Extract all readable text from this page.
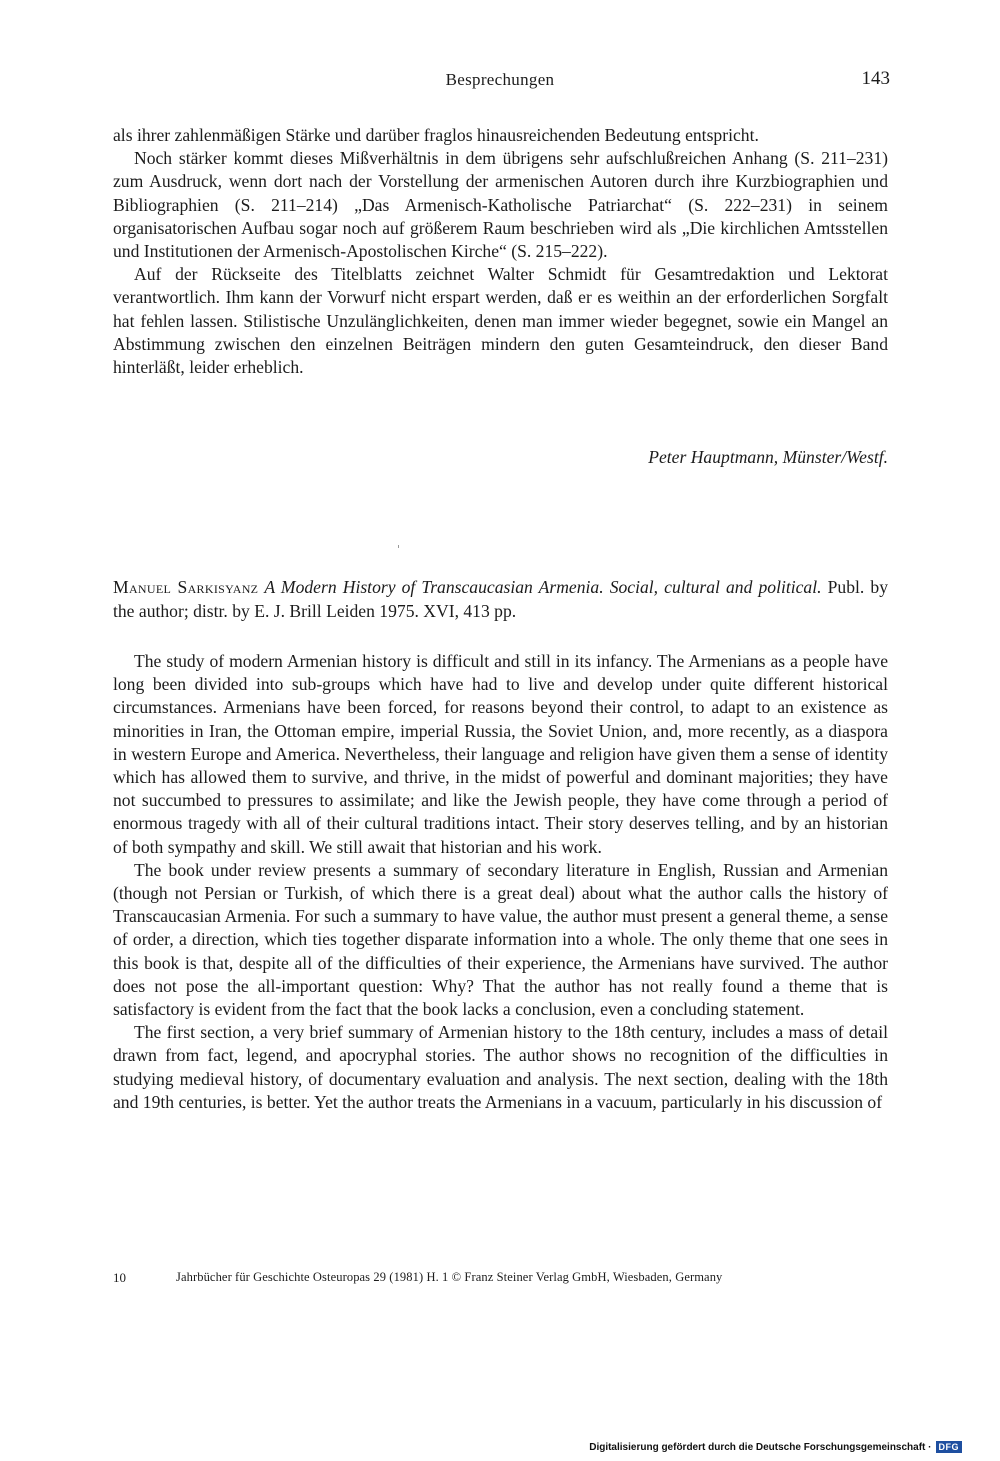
Besprechungen	143

als ihrer zahlenmäßigen Stärke und darüber fraglos hinausreichenden Bedeutung entspricht.

Noch stärker kommt dieses Mißverhältnis in dem übrigens sehr aufschlußreichen Anhang (S. 211–231) zum Ausdruck, wenn dort nach der Vorstellung der armenischen Autoren durch ihre Kurzbiographien und Bibliographien (S. 211–214) „Das Armenisch-Katholische Patriarchat“ (S. 222–231) in seinem organisatorischen Aufbau sogar noch auf größerem Raum beschrieben wird als „Die kirchlichen Amtsstellen und Institutionen der Armenisch-Apostolischen Kirche“ (S. 215–222).

Auf der Rückseite des Titelblatts zeichnet Walter Schmidt für Gesamtredaktion und Lektorat verantwortlich. Ihm kann der Vorwurf nicht erspart werden, daß er es weithin an der erforderlichen Sorgfalt hat fehlen lassen. Stilistische Unzulänglichkeiten, denen man immer wieder begegnet, sowie ein Mangel an Abstimmung zwischen den einzelnen Beiträgen mindern den guten Gesamteindruck, den dieser Band hinterläßt, leider erheblich.

Peter Hauptmann, Münster/Westf.
Manuel Sarkisyanz A Modern History of Transcaucasian Armenia. Social, cultural and political. Publ. by the author; distr. by E. J. Brill Leiden 1975. XVI, 413 pp.

The study of modern Armenian history is difficult and still in its infancy. The Armenians as a people have long been divided into sub-groups which have had to live and develop under quite different historical circumstances. Armenians have been forced, for reasons beyond their control, to adapt to an existence as minorities in Iran, the Ottoman empire, imperial Russia, the Soviet Union, and, more recently, as a diaspora in western Europe and America. Nevertheless, their language and religion have given them a sense of identity which has allowed them to survive, and thrive, in the midst of powerful and dominant majorities; they have not succumbed to pressures to assimilate; and like the Jewish people, they have come through a period of enormous tragedy with all of their cultural traditions intact. Their story deserves telling, and by an historian of both sympathy and skill. We still await that historian and his work.

The book under review presents a summary of secondary literature in English, Russian and Armenian (though not Persian or Turkish, of which there is a great deal) about what the author calls the history of Transcaucasian Armenia. For such a summary to have value, the author must present a general theme, a sense of order, a direction, which ties together disparate information into a whole. The only theme that one sees in this book is that, despite all of the difficulties of their experience, the Armenians have survived. The author does not pose the all-important question: Why? That the author has not really found a theme that is satisfactory is evident from the fact that the book lacks a conclusion, even a concluding statement.

The first section, a very brief summary of Armenian history to the 18th century, includes a mass of detail drawn from fact, legend, and apocryphal stories. The author shows no recognition of the difficulties in studying medieval history, of documentary evaluation and analysis. The next section, dealing with the 18th and 19th centuries, is better. Yet the author treats the Armenians in a vacuum, particularly in his discussion of

10	Jahrbücher für Geschichte Osteuropas 29 (1981) H. 1 © Franz Steiner Verlag GmbH, Wiesbaden, Germany
Digitalisierung gefördert durch die Deutsche Forschungsgemeinschaft · DFG
